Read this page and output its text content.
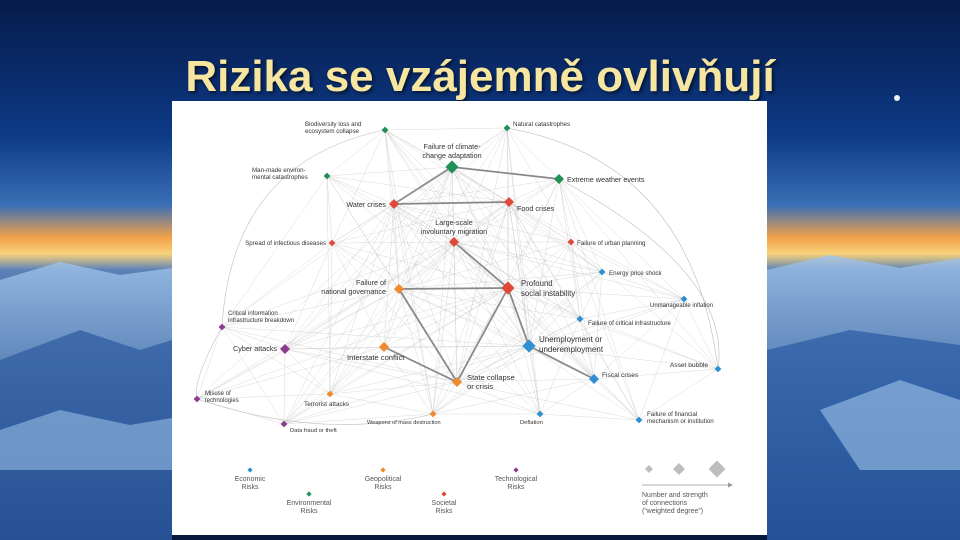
Rizika se vzájemně ovlivňují
Biodiversity loss and ecosystem collapse
Natural catastrophes
Failure of climate-change adaptation
Man-made environ-mental catastrophes	Extreme weather events
Water crises	Food crises
Large-scale involuntary migration
Spread of infectious diseases	Failure of urban planning
Energy price shock
Failure of national governance
Profound social instability
Critical information infrastructure breakdown
Unmanageable inflation
Failure of critical infrastructure
Cyber attacks
Interstate conflict
Unemployment or underemployment
Asset bubble
Fiscal crises
State collapse or crisis
Misuse of technologies	Terrorist attacks
Failure of financial mechanism or institution
Weapons of mass destruction	Deflation
Data fraud or theft
Economic Risks
Environmental Risks
Geopolitical Risks
Societal Risks
Technological Risks
Number and strength of connections (“weighted degree”)
